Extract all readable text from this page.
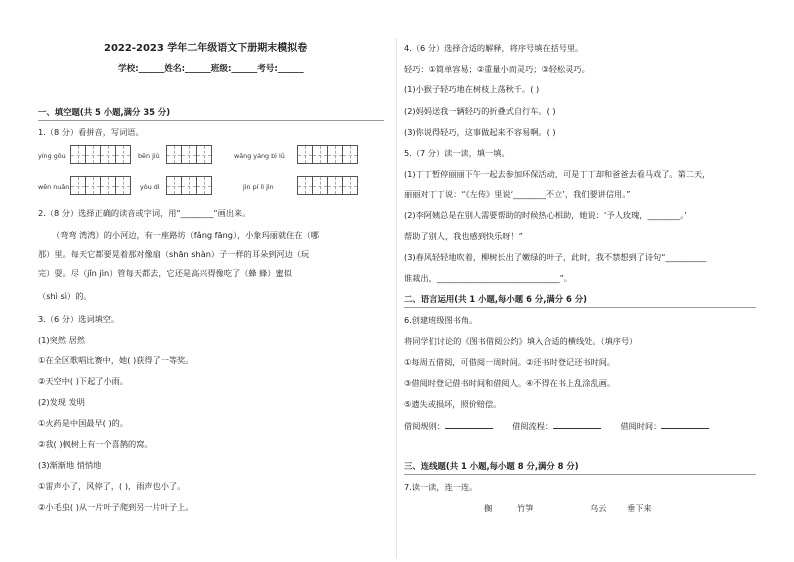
2022-2023 学年二年级语文下册期末模拟卷
学校:______姓名:______班级:______考号:______
一、填空题(共 5 小题,满分 35 分)
1.（8 分）看拼音，写词语。
yíng gōu	bēn jiù	wāng yáng bì lǜ
wēn nuǎn	yòu dì	jìn pí lì jìn
2.（8 分）选择正确的读音或字词，用“________”画出来。
（弯弯 湾湾）的小河边，有一座路坊（fǎng fāng），小象玛丽就住在（哪
那）里。每天它都要晃着那对像扇（shān shàn）子一样的耳朵到河边（玩
完）耍。尽（jǐn jìn）管每天都去，它还是高兴得像吃了（蜂 蜂）蜜似
（shì sì）的。
3.（6 分）选词填空。
(1)突然 居然
①在全区歌唱比赛中，她( )获得了一等奖。
②天空中( )下起了小雨。
(2)发现 发明
①火药是中国最早( )的。
②我( )枫树上有一个喜鹊的窝。
(3)渐渐地 悄悄地
①雷声小了，风停了，( )，雨声也小了。
②小毛虫( )从一片叶子爬到另一片叶子上。
4.（6 分）选择合适的解释，将序号填在括号里。
轻巧：①简单容易；②重量小而灵巧；③轻松灵巧。
(1)小猴子轻巧地在树枝上荡秋千。( )
(2)妈妈送我一辆轻巧的折叠式自行车。( )
(3)你说得轻巧，这事做起来不容易啊。( )
5.（7 分）读一读，填一填。
(1)丁丁暂停丽丽下午一起去参加环保活动，可是丁丁却和爸爸去看马戏了。第二天，
丽丽对丁丁说：“《左传》里说‘________不立’，我们要讲信用。”
(2)李阿姨总是在别人需要帮助的时候热心相助，她说：‘予人玫瑰，________。’
帮助了别人，我也感到快乐呀！”
(3)春风轻轻地吹着，柳树长出了嫩绿的叶子，此时，我不禁想到了诗句“__________
谁裁出，______________________________”。
二、语言运用(共 1 小题,每小题 6 分,满分 6 分)
6.创建班级图书角。
将同学们讨论的《图书借阅公约》填入合适的横线处。（填序号）
①每周五借阅，可借阅一周时间。②还书时登记还书时间。
③借阅时登记借书时间和借阅人。④不得在书上乱涂乱画。
⑤遗失或损坏，照价赔偿。
借阅规则：	借阅流程：	借阅时间：
三、连线题(共 1 小题,每小题 8 分,满分 8 分)
7.读一读，连一连。
搁	竹笋	乌云	垂下来
